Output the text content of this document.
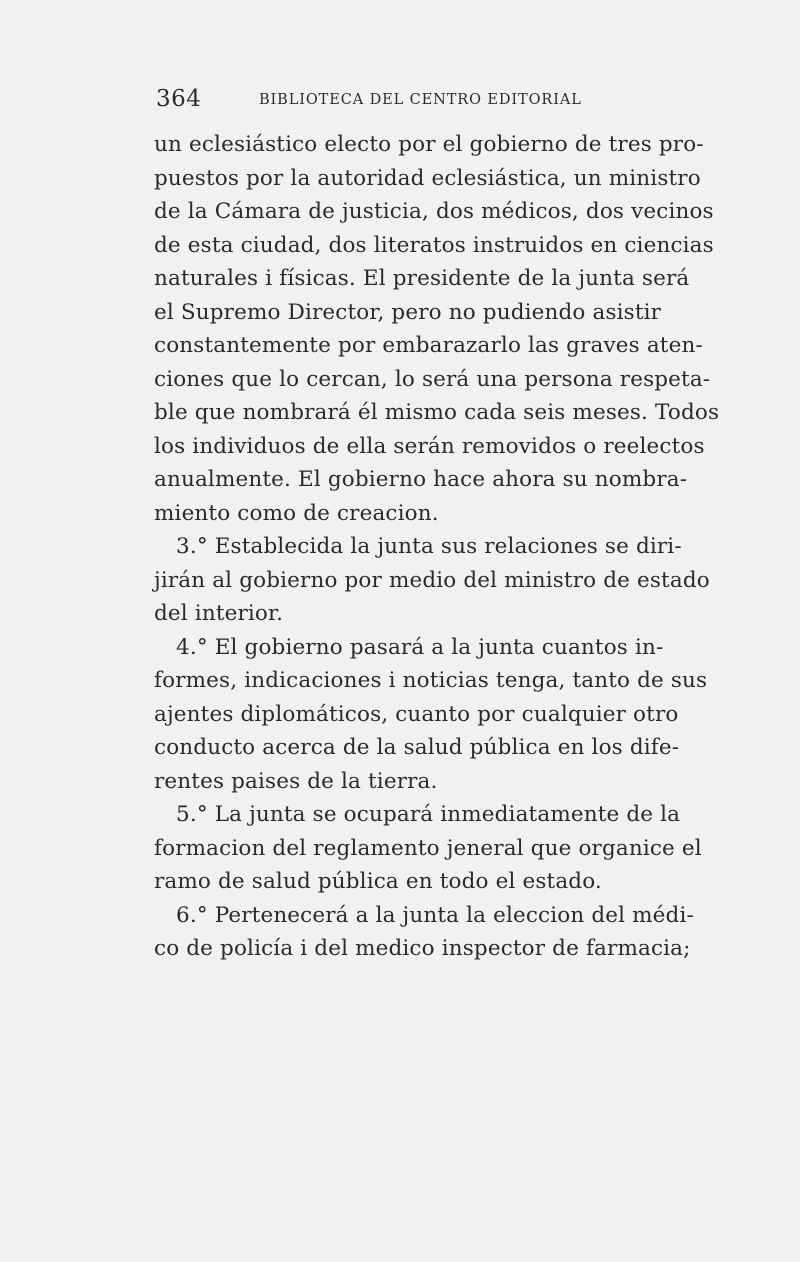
364	BIBLIOTECA DEL CENTRO EDITORIAL
un eclesiástico electo por el gobierno de tres pro-
puestos por la autoridad eclesiástica, un ministro
de la Cámara de justicia, dos médicos, dos vecinos
de esta ciudad, dos literatos instruidos en ciencias
naturales i físicas. El presidente de la junta será
el Supremo Director, pero no pudiendo asistir
constantemente por embarazarlo las graves aten-
ciones que lo cercan, lo será una persona respeta-
ble que nombrará él mismo cada seis meses. Todos
los individuos de ella serán removidos o reelectos
anualmente. El gobierno hace ahora su nombra-
miento como de creacion.
3.° Establecida la junta sus relaciones se diri-
jirán al gobierno por medio del ministro de estado
del interior.
4.° El gobierno pasará a la junta cuantos in-
formes, indicaciones i noticias tenga, tanto de sus
ajentes diplomáticos, cuanto por cualquier otro
conducto acerca de la salud pública en los dife-
rentes paises de la tierra.
5.° La junta se ocupará inmediatamente de la
formacion del reglamento jeneral que organice el
ramo de salud pública en todo el estado.
6.° Pertenecerá a la junta la eleccion del médi-
co de policía i del medico inspector de farmacia;
